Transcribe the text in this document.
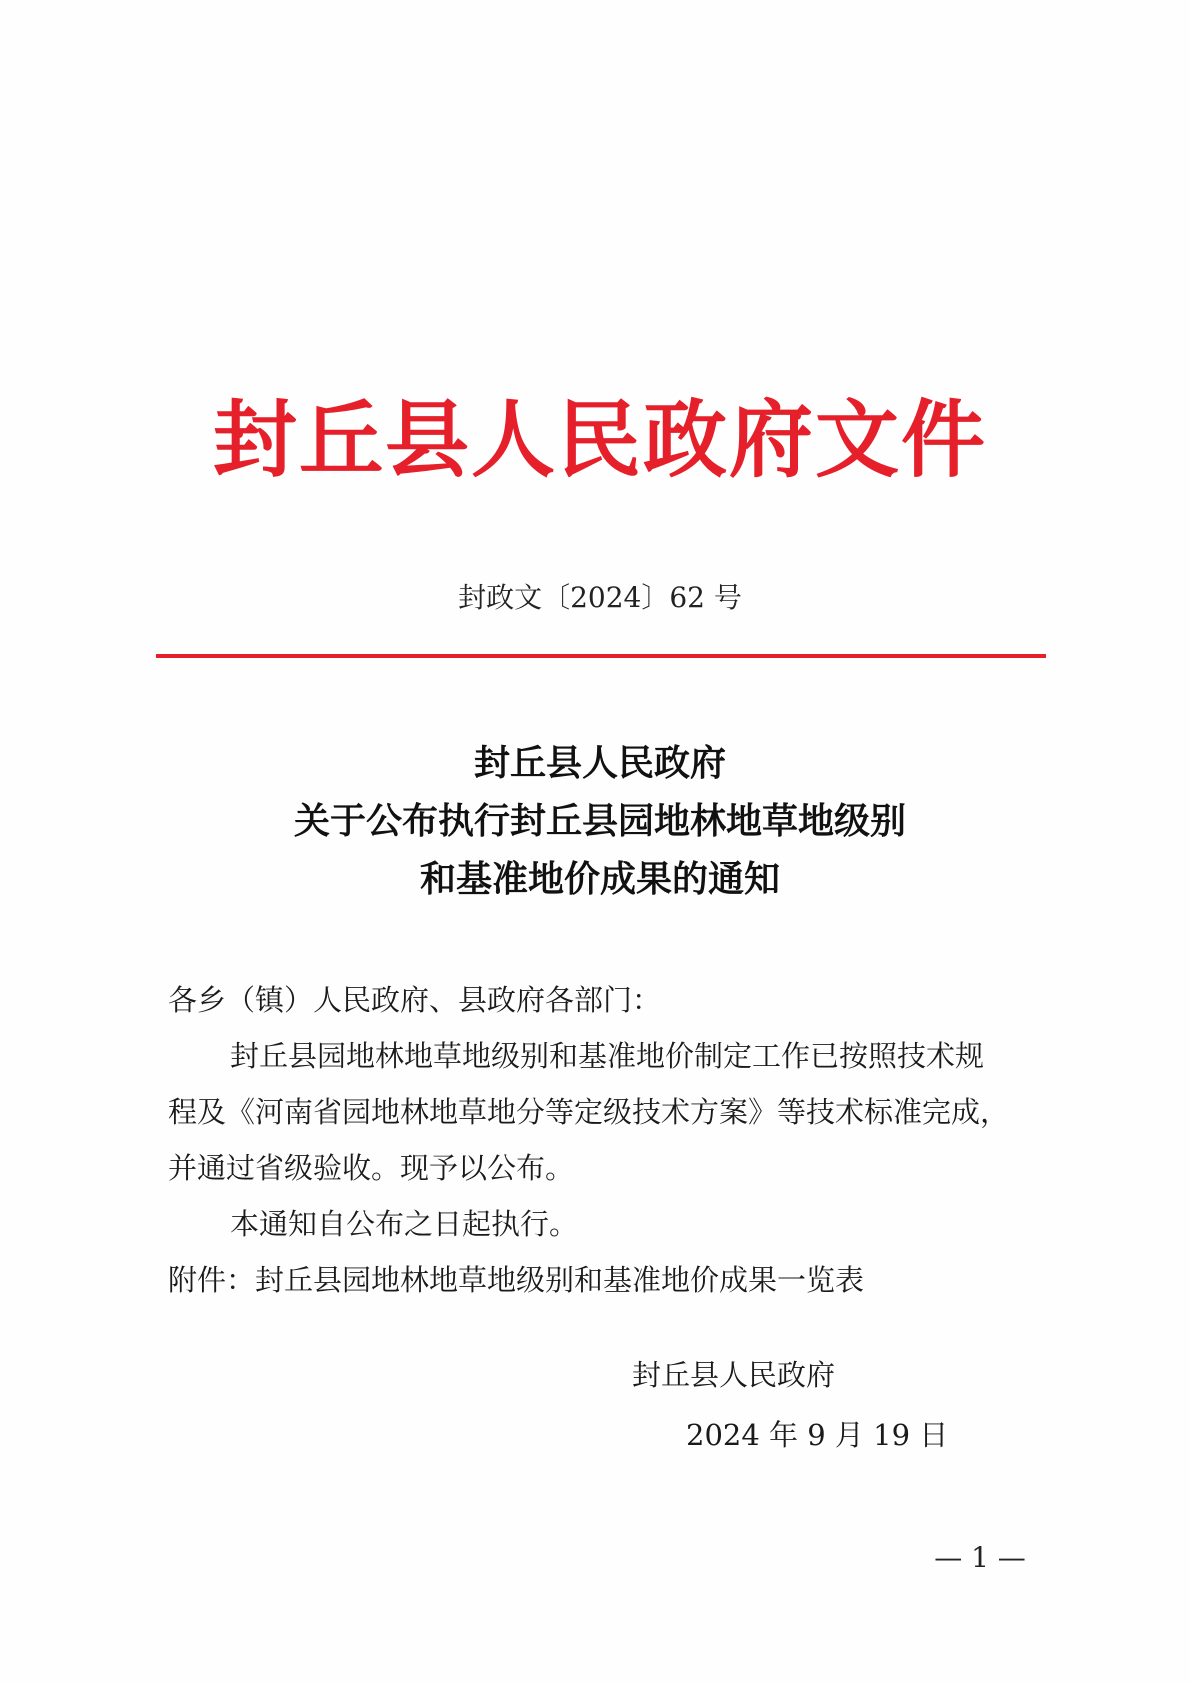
封丘县人民政府文件
封政文〔2024〕62 号
封丘县人民政府
关于公布执行封丘县园地林地草地级别
和基准地价成果的通知
各乡（镇）人民政府、县政府各部门：
封丘县园地林地草地级别和基准地价制定工作已按照技术规
程及《河南省园地林地草地分等定级技术方案》等技术标准完成，
并通过省级验收。现予以公布。
本通知自公布之日起执行。
附件：封丘县园地林地草地级别和基准地价成果一览表
封丘县人民政府
2024 年 9 月 19 日
— 1 —
